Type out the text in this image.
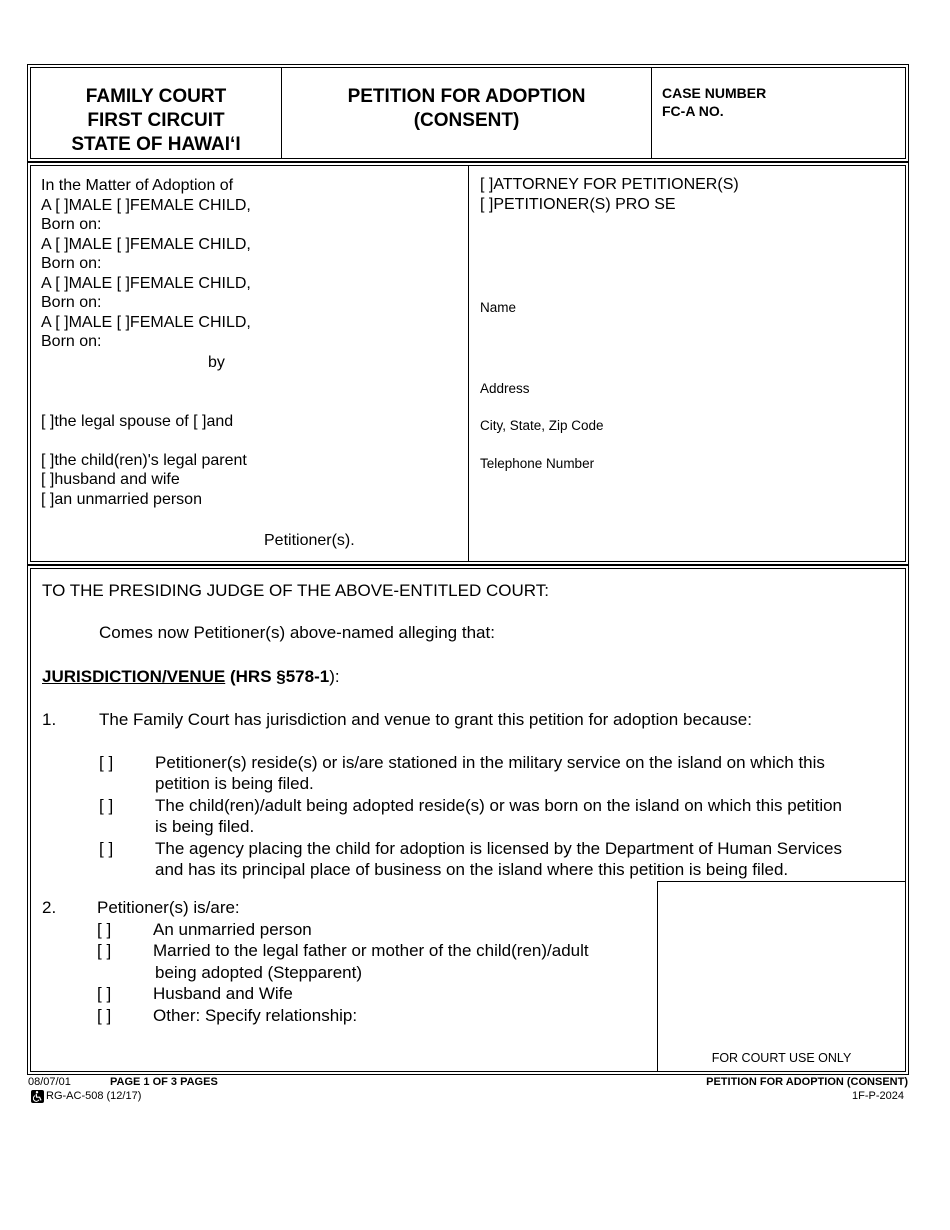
FAMILY COURT
FIRST CIRCUIT
STATE OF HAWAI‘I
PETITION FOR ADOPTION
(CONSENT)
CASE NUMBER
FC-A NO.
In the Matter of Adoption of
A [ ]MALE [ ]FEMALE CHILD,
Born on:
A [ ]MALE [ ]FEMALE CHILD,
Born on:
A [ ]MALE [ ]FEMALE CHILD,
Born on:
A [ ]MALE [ ]FEMALE CHILD,
Born on:
by
[ ]the legal spouse of [ ]and
[ ]the child(ren)'s legal parent
[ ]husband and wife
[ ]an unmarried person
Petitioner(s).
[ ]ATTORNEY FOR PETITIONER(S)
[ ]PETITIONER(S) PRO SE
Name
Address
City, State, Zip Code
Telephone Number
TO THE PRESIDING JUDGE OF THE ABOVE-ENTITLED COURT:
Comes now Petitioner(s) above-named alleging that:
JURISDICTION/VENUE (HRS §578-1):
1.	The Family Court has jurisdiction and venue to grant this petition for adoption because:
[ ] Petitioner(s) reside(s) or is/are stationed in the military service on the island on which this
petition is being filed.
[ ] The child(ren)/adult being adopted reside(s) or was born on the island on which this petition
is being filed.
[ ] The agency placing the child for adoption is licensed by the Department of Human Services
and has its principal place of business on the island where this petition is being filed.
2. Petitioner(s) is/are:
[ ] An unmarried person
[ ] Married to the legal father or mother of the child(ren)/adult
being adopted (Stepparent)
[ ] Husband and Wife
[ ] Other: Specify relationship:
FOR COURT USE ONLY
08/07/01	PAGE 1 OF 3 PAGES
RG-AC-508 (12/17)
PETITION FOR ADOPTION (CONSENT)
1F-P-2024
